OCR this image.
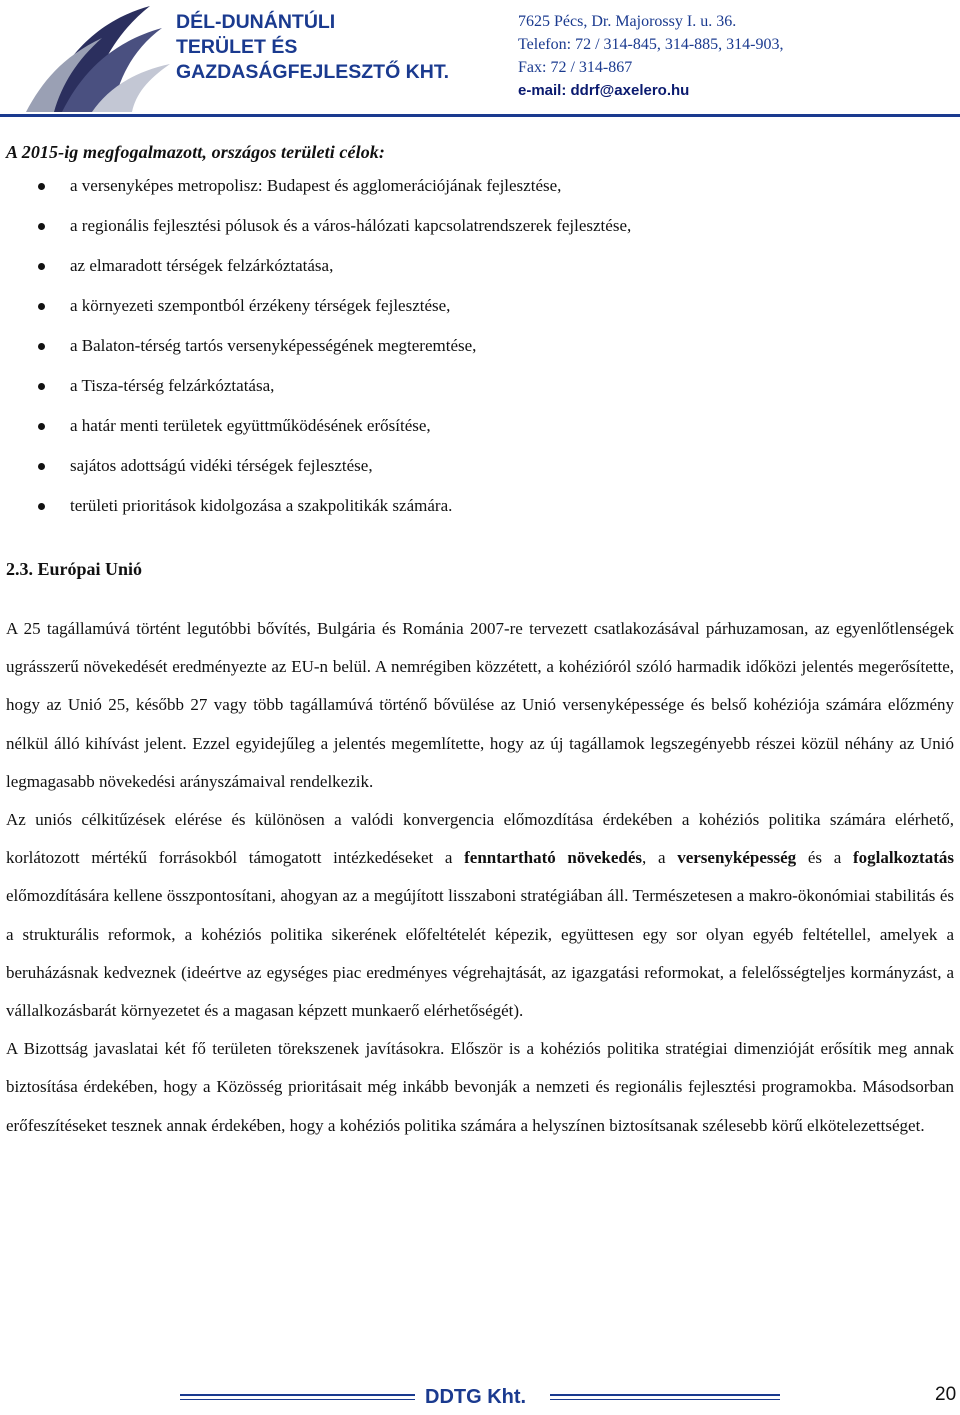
DÉL-DUNÁNTÚLI
TERÜLET ÉS
GAZDASÁGFEJLESZTŐ KHT.
7625 Pécs, Dr. Majorossy I. u. 36.
Telefon: 72 / 314-845, 314-885, 314-903,
Fax: 72 / 314-867
e-mail: ddrf@axelero.hu

A 2015-ig megfogalmazott, országos területi célok:

a versenyképes metropolisz: Budapest és agglomerációjának fejlesztése,
a regionális fejlesztési pólusok és a város-hálózati kapcsolatrendszerek fejlesztése,
az elmaradott térségek felzárkóztatása,
a környezeti szempontból érzékeny térségek fejlesztése,
a Balaton-térség tartós versenyképességének megteremtése,
a Tisza-térség felzárkóztatása,
a határ menti területek együttműködésének erősítése,
sajátos adottságú vidéki térségek fejlesztése,
területi prioritások kidolgozása a szakpolitikák számára.

2.3. Európai Unió

A 25 tagállamúvá történt legutóbbi bővítés, Bulgária és Románia 2007-re tervezett csatlakozásával párhuzamosan, az egyenlőtlenségek ugrásszerű növekedését eredményezte az EU-n belül. A nemrégiben közzétett, a kohézióról szóló harmadik időközi jelentés megerősítette, hogy az Unió 25, később 27 vagy több tagállamúvá történő bővülése az Unió versenyképessége és belső kohéziója számára előzmény nélkül álló kihívást jelent. Ezzel egyidejűleg a jelentés megemlítette, hogy az új tagállamok legszegényebb részei közül néhány az Unió legmagasabb növekedési arányszámaival rendelkezik.

Az uniós célkitűzések elérése és különösen a valódi konvergencia előmozdítása érdekében a kohéziós politika számára elérhető, korlátozott mértékű forrásokból támogatott intézkedéseket a fenntartható növekedés, a versenyképesség és a foglalkoztatás előmozdítására kellene összpontosítani, ahogyan az a megújított lisszaboni stratégiában áll. Természetesen a makro-ökonómiai stabilitás és a strukturális reformok, a kohéziós politika sikerének előfeltételét képezik, együttesen egy sor olyan egyéb feltétellel, amelyek a beruházásnak kedveznek (ideértve az egységes piac eredményes végrehajtását, az igazgatási reformokat, a felelősségteljes kormányzást, a vállalkozásbarát környezetet és a magasan képzett munkaerő elérhetőségét).

A Bizottság javaslatai két fő területen törekszenek javításokra. Először is a kohéziós politika stratégiai dimenzióját erősítik meg annak biztosítása érdekében, hogy a Közösség prioritásait még inkább bevonják a nemzeti és regionális fejlesztési programokba. Másodsorban erőfeszítéseket tesznek annak érdekében, hogy a kohéziós politika számára a helyszínen biztosítsanak szélesebb körű elkötelezettséget.

DDTG Kht.	20
